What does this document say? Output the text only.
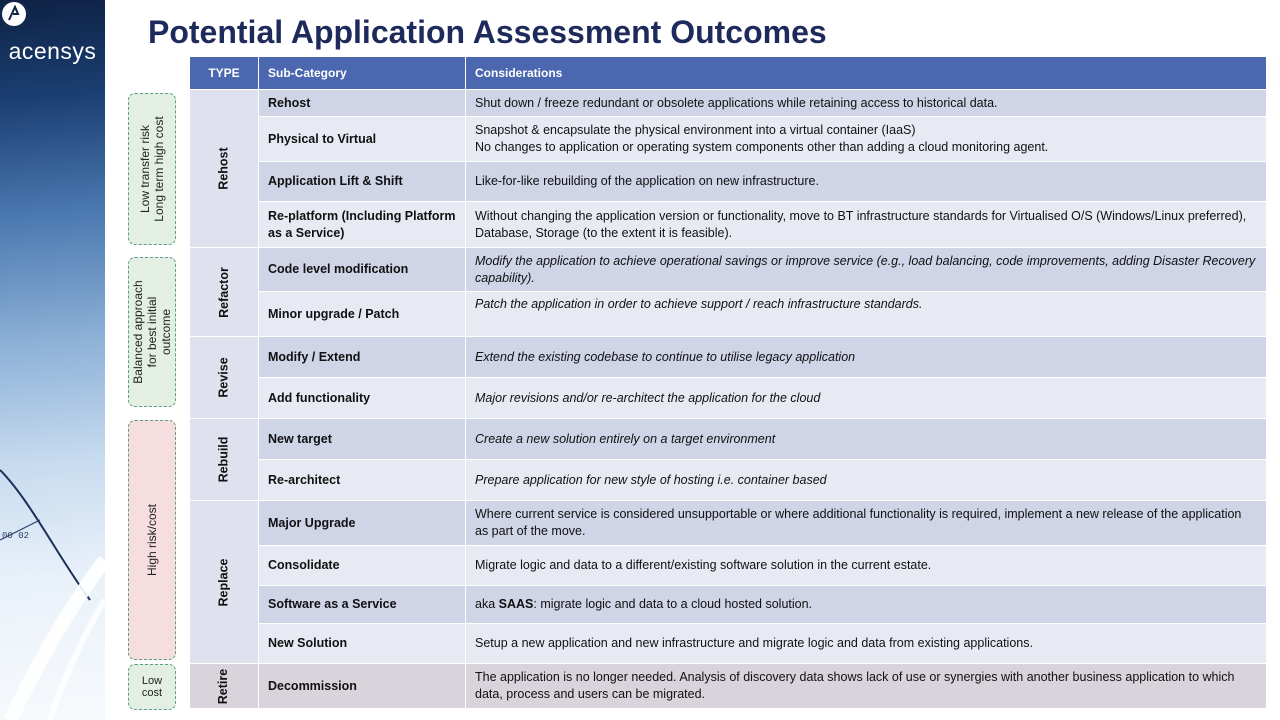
00 02
acensys
Potential Application Assessment Outcomes
Low transfer risk Long term high cost
Balanced approach for best initial outcome
High risk/cost
Low
cost
TYPE	Sub-Category	Considerations
Rehost	Rehost	Shut down / freeze redundant or obsolete applications while retaining access to historical data.
	Physical to Virtual	Snapshot & encapsulate the physical environment into a virtual container (IaaS)
No changes to application or operating system components other than adding a cloud monitoring agent.
	Application Lift & Shift	Like-for-like rebuilding of the application on new infrastructure.
	Re-platform (Including Platform as a Service)	Without changing the application version or functionality, move to BT infrastructure standards for Virtualised O/S (Windows/Linux preferred), Database, Storage (to the extent it is feasible).
Refactor	Code level modification	Modify the application to achieve operational savings or improve service (e.g., load balancing, code improvements, adding Disaster Recovery capability).
	Minor upgrade / Patch	Patch the application in order to achieve support / reach infrastructure standards.
Revise	Modify / Extend	Extend the existing codebase to continue to utilise legacy application
	Add functionality	Major revisions and/or re-architect the application for the cloud
Rebuild	New target	Create a new solution entirely on a target environment
	Re-architect	Prepare application for new style of hosting i.e. container based
Replace	Major Upgrade	Where current service is considered unsupportable or where additional functionality is required, implement a new release of the application as part of the move.
	Consolidate	Migrate logic and data to a different/existing software solution in the current estate.
	Software as a Service	aka SAAS: migrate logic and data to a cloud hosted solution.
	New Solution	Setup a new application and new infrastructure and migrate logic and data from existing applications.
Retire	Decommission	The application is no longer needed. Analysis of discovery data shows lack of use or synergies with another business application to which data, process and users can be migrated.
